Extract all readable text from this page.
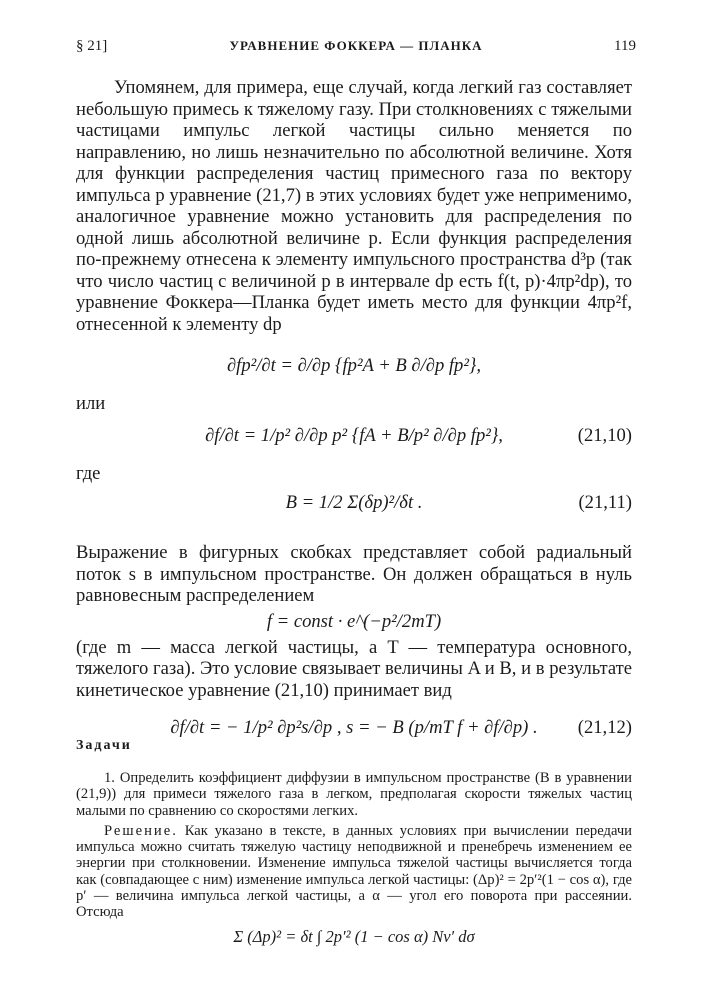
§ 21]	УРАВНЕНИЕ ФОККЕРА — ПЛАНКА	119

Упомянем, для примера, еще случай, когда легкий газ составляет небольшую примесь к тяжелому газу. При столкновениях с тяжелыми частицами импульс легкой частицы сильно меняется по направлению, но лишь незначительно по абсолютной величине. Хотя для функции распределения частиц примесного газа по вектору импульса p уравнение (21,7) в этих условиях будет уже неприменимо, аналогичное уравнение можно установить для распределения по одной лишь абсолютной величине p. Если функция распределения по-прежнему отнесена к элементу импульсного пространства d³p (так что число частиц с величиной p в интервале dp есть f(t, p)·4πp²dp), то уравнение Фоккера—Планка будет иметь место для функции 4πp²f, отнесенной к элементу dp

∂fp²/∂t = ∂/∂p {fp²A + B ∂/∂p fp²},
или
∂f/∂t = 1/p² ∂/∂p p² {fA + B/p² ∂/∂p fp²},	(21,10)
где
B = 1/2 Σ(δp)²/δt .	(21,11)

Выражение в фигурных скобках представляет собой радиальный поток s в импульсном пространстве. Он должен обращаться в нуль равновесным распределением

f = const · e^(−p²/2mT)

(где m — масса легкой частицы, а T — температура основного, тяжелого газа). Это условие связывает величины A и B, и в результате кинетическое уравнение (21,10) принимает вид

∂f/∂t = − 1/p² ∂p²s/∂p , s = − B (p/mT f + ∂f/∂p) .	(21,12)
Задачи

1. Определить коэффициент диффузии в импульсном пространстве (B в уравнении (21,9)) для примеси тяжелого газа в легком, предполагая скорости тяжелых частиц малыми по сравнению со скоростями легких.

Решение. Как указано в тексте, в данных условиях при вычислении передачи импульса можно считать тяжелую частицу неподвижной и пренебречь изменением ее энергии при столкновении. Изменение импульса тяжелой частицы вычисляется тогда как (совпадающее с ним) изменение импульса легкой частицы: (Δp)² = 2p′²(1 − cos α), где p′ — величина импульса легкой частицы, а α — угол его поворота при рассеянии. Отсюда

Σ (Δp)² = δt ∫ 2p′² (1 − cos α) Nv′ dσ
